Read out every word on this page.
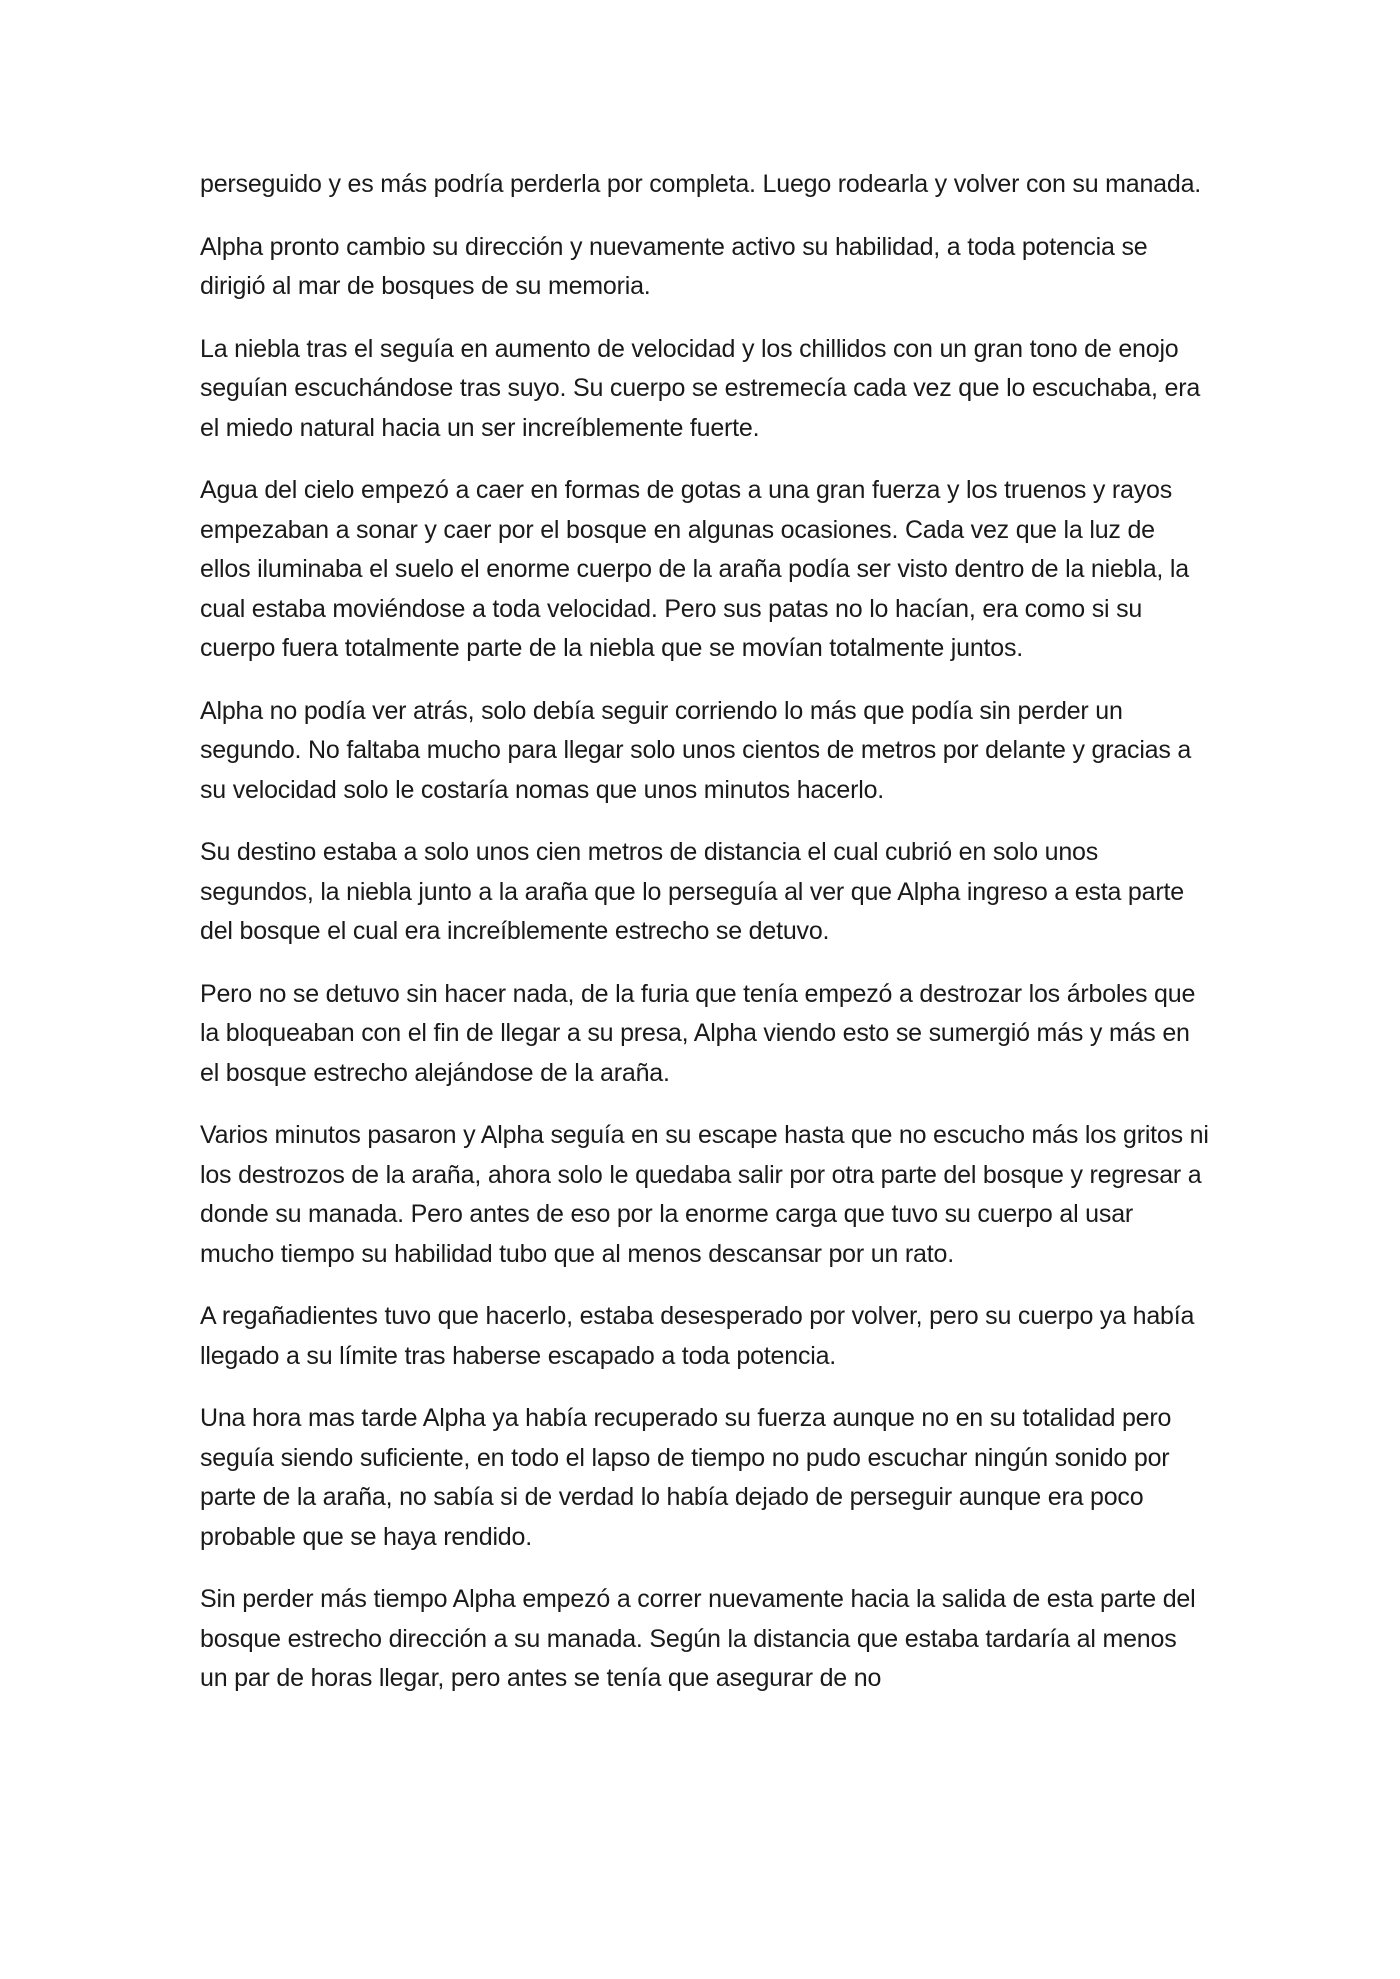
perseguido y es más podría perderla por completa. Luego rodearla y volver con su manada.

Alpha pronto cambio su dirección y nuevamente activo su habilidad, a toda potencia se dirigió al mar de bosques de su memoria.

La niebla tras el seguía en aumento de velocidad y los chillidos con un gran tono de enojo seguían escuchándose tras suyo. Su cuerpo se estremecía cada vez que lo escuchaba, era el miedo natural hacia un ser increíblemente fuerte.

Agua del cielo empezó a caer en formas de gotas a una gran fuerza y los truenos y rayos empezaban a sonar y caer por el bosque en algunas ocasiones. Cada vez que la luz de ellos iluminaba el suelo el enorme cuerpo de la araña podía ser visto dentro de la niebla, la cual estaba moviéndose a toda velocidad. Pero sus patas no lo hacían, era como si su cuerpo fuera totalmente parte de la niebla que se movían totalmente juntos.

Alpha no podía ver atrás, solo debía seguir corriendo lo más que podía sin perder un segundo. No faltaba mucho para llegar solo unos cientos de metros por delante y gracias a su velocidad solo le costaría nomas que unos minutos hacerlo.

Su destino estaba a solo unos cien metros de distancia el cual cubrió en solo unos segundos, la niebla junto a la araña que lo perseguía al ver que Alpha ingreso a esta parte del bosque el cual era increíblemente estrecho se detuvo.

Pero no se detuvo sin hacer nada, de la furia que tenía empezó a destrozar los árboles que la bloqueaban con el fin de llegar a su presa, Alpha viendo esto se sumergió más y más en el bosque estrecho alejándose de la araña.

Varios minutos pasaron y Alpha seguía en su escape hasta que no escucho más los gritos ni los destrozos de la araña, ahora solo le quedaba salir por otra parte del bosque y regresar a donde su manada. Pero antes de eso por la enorme carga que tuvo su cuerpo al usar mucho tiempo su habilidad tubo que al menos descansar por un rato.

A regañadientes tuvo que hacerlo, estaba desesperado por volver, pero su cuerpo ya había llegado a su límite tras haberse escapado a toda potencia.

Una hora mas tarde Alpha ya había recuperado su fuerza aunque no en su totalidad pero seguía siendo suficiente, en todo el lapso de tiempo no pudo escuchar ningún sonido por parte de la araña, no sabía si de verdad lo había dejado de perseguir aunque era poco probable que se haya rendido.

Sin perder más tiempo Alpha empezó a correr nuevamente hacia la salida de esta parte del bosque estrecho dirección a su manada. Según la distancia que estaba tardaría al menos un par de horas llegar, pero antes se tenía que asegurar de no
